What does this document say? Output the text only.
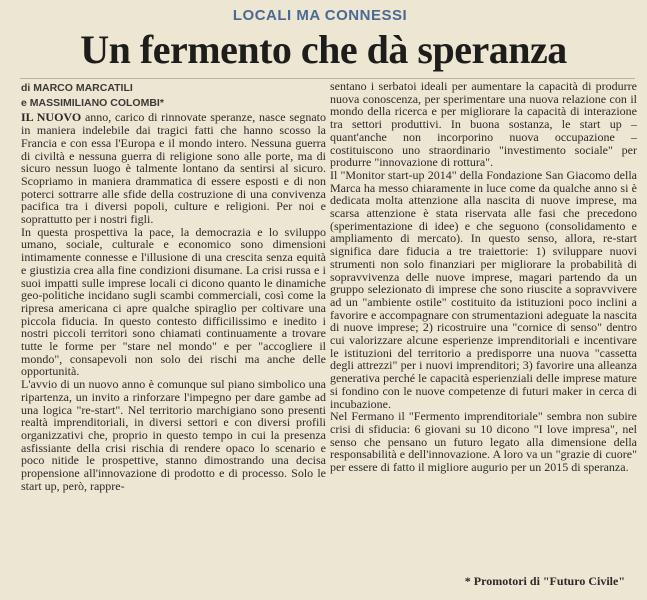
LOCALI MA CONNESSI
Un fermento che dà speranza
di MARCO MARCATILI
e MASSIMILIANO COLOMBI*

IL NUOVO anno, carico di rinnovate speranze, nasce segnato in maniera indelebile dai tragici fatti che hanno scosso la Francia e con essa l'Europa e il mondo intero. Nessuna guerra di civiltà e nessuna guerra di religione sono alle porte, ma di sicuro nessun luogo è talmente lontano da sentirsi al sicuro. Scopriamo in maniera drammatica di essere esposti e di non poterci sottrarre alle sfide della costruzione di una convivenza pacifica tra i diversi popoli, culture e religioni. Per noi e soprattutto per i nostri figli.

In questa prospettiva la pace, la democrazia e lo sviluppo umano, sociale, culturale e economico sono dimensioni intimamente connesse e l'illusione di una crescita senza equità e giustizia crea alla fine condizioni disumane. La crisi russa e i suoi impatti sulle imprese locali ci dicono quanto le dinamiche geo-politiche incidano sugli scambi commerciali, così come la ripresa americana ci apre qualche spiraglio per coltivare una piccola fiducia. In questo contesto difficilissimo e inedito i nostri piccoli territori sono chiamati continuamente a trovare tutte le forme per "stare nel mondo" e per "accogliere il mondo", consapevoli non solo dei rischi ma anche delle opportunità.

L'avvio di un nuovo anno è comunque sul piano simbolico una ripartenza, un invito a rinforzare l'impegno per dare gambe ad una logica "re-start". Nel territorio marchigiano sono presenti realtà imprenditoriali, in diversi settori e con diversi profili organizzativi che, proprio in questo tempo in cui la presenza asfissiante della crisi rischia di rendere opaco lo scenario e poco nitide le prospettive, stanno dimostrando una decisa propensione all'innovazione di prodotto e di processo. Solo le start up, però, rappre-

sentano i serbatoi ideali per aumentare la capacità di produrre nuova conoscenza, per sperimentare una nuova relazione con il mondo della ricerca e per migliorare la capacità di interazione tra settori produttivi. In buona sostanza, le start up – quant'anche non incorporino nuova occupazione – costituiscono uno straordinario "investimento sociale" per produrre "innovazione di rottura".

Il "Monitor start-up 2014" della Fondazione San Giacomo della Marca ha messo chiaramente in luce come da qualche anno si è dedicata molta attenzione alla nascita di nuove imprese, ma scarsa attenzione è stata riservata alle fasi che precedono (sperimentazione di idee) e che seguono (consolidamento e ampliamento di mercato). In questo senso, allora, re-start significa dare fiducia a tre traiettorie: 1) sviluppare nuovi strumenti non solo finanziari per migliorare la probabilità di sopravvivenza delle nuove imprese, magari partendo da un gruppo selezionato di imprese che sono riuscite a sopravvivere ad un "ambiente ostile" costituito da istituzioni poco inclini a favorire e accompagnare con strumentazioni adeguate la nascita di nuove imprese; 2) ricostruire una "cornice di senso" dentro cui valorizzare alcune esperienze imprenditoriali e incentivare le istituzioni del territorio a predisporre una nuova "cassetta degli attrezzi" per i nuovi imprenditori; 3) favorire una alleanza generativa perché le capacità esperienziali delle imprese mature si fondino con le nuove competenze di futuri maker in cerca di incubazione.

Nel Fermano il "Fermento imprenditoriale" sembra non subire crisi di sfiducia: 6 giovani su 10 dicono "I love impresa", nel senso che pensano un futuro legato alla dimensione della responsabilità e dell'innovazione. A loro va un "grazie di cuore" per essere di fatto il migliore augurio per un 2015 di speranza.

* Promotori di "Futuro Civile"
